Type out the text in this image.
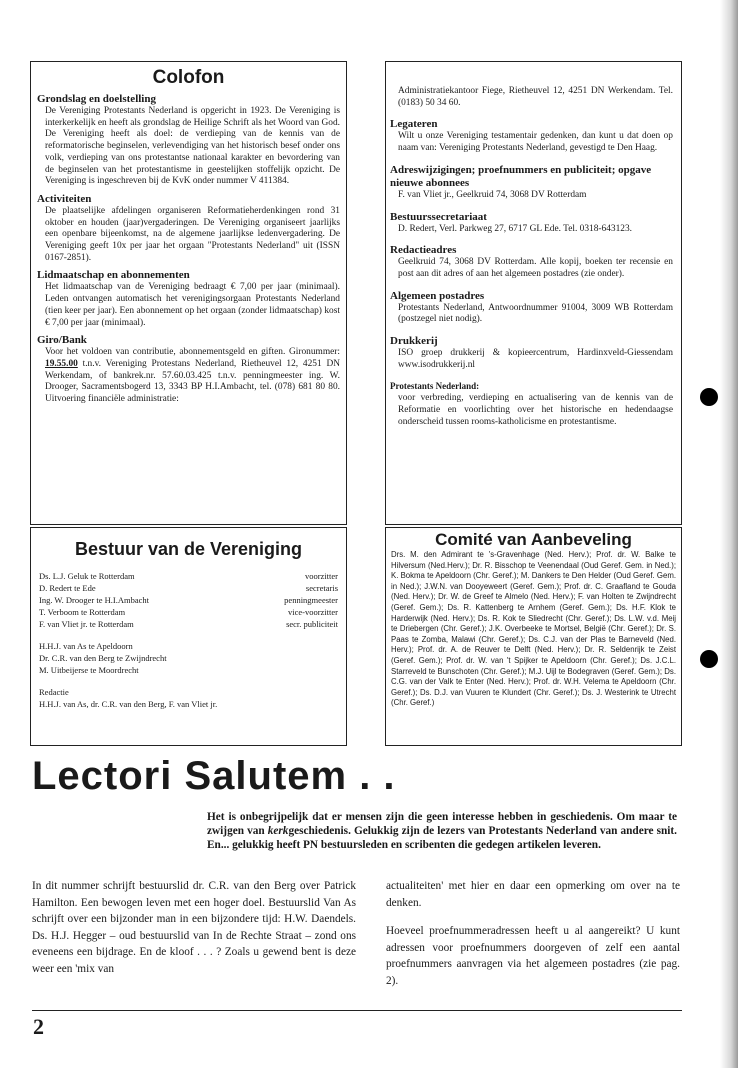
Colofon

Grondslag en doelstelling

De Vereniging Protestants Nederland is opgericht in 1923. De Vereniging is interkerkelijk en heeft als grondslag de Heilige Schrift als het Woord van God. De Vereniging heeft als doel: de verdieping van de kennis van de reformatorische beginselen, verlevendiging van het historisch besef onder ons volk, verdieping van ons protestantse nationaal karakter en bevordering van de beginselen van het protestantisme in geestelijken stoffelijk opzicht. De Vereniging is ingeschreven bij de KvK onder nummer V 411384.

Activiteiten

De plaatselijke afdelingen organiseren Reformatieherdenkingen rond 31 oktober en houden (jaar)vergaderingen. De Vereniging organiseert jaarlijks een openbare bijeenkomst, na de algemene jaarlijkse ledenvergadering. De Vereniging geeft 10x per jaar het orgaan "Protestants Nederland" uit (ISSN 0167-2851).

Lidmaatschap en abonnementen

Het lidmaatschap van de Vereniging bedraagt € 7,00 per jaar (minimaal). Leden ontvangen automatisch het verenigingsorgaan Protestants Nederland (tien keer per jaar). Een abonnement op het orgaan (zonder lidmaatschap) kost € 7,00 per jaar (minimaal).

Giro/Bank

Voor het voldoen van contributie, abonnementsgeld en giften. Gironummer: 19.55.00 t.n.v. Vereniging Protestans Nederland, Rietheuvel 12, 4251 DN Werkendam, of bankrek.nr. 57.60.03.425 t.n.v. penningmeester ing. W. Drooger, Sacramentsbogerd 13, 3343 BP H.I.Ambacht, tel. (078) 681 80 80. Uitvoering financiële administratie:

Administratiekantoor Fiege, Rietheuvel 12, 4251 DN Werkendam. Tel. (0183) 50 34 60.

Legateren

Wilt u onze Vereniging testamentair gedenken, dan kunt u dat doen op naam van: Vereniging Protestants Nederland, gevestigd te Den Haag.

Adreswijzigingen; proefnummers en publiciteit; opgave nieuwe abonnees

F. van Vliet jr., Geelkruid 74, 3068 DV Rotterdam

Bestuurssecretariaat

D. Redert, Verl. Parkweg 27, 6717 GL Ede. Tel. 0318-643123.

Redactieadres

Geelkruid 74, 3068 DV Rotterdam. Alle kopij, boeken ter recensie en post aan dit adres of aan het algemeen postadres (zie onder).

Algemeen postadres

Protestants Nederland, Antwoordnummer 91004, 3009 WB Rotterdam (postzegel niet nodig).

Drukkerij

ISO groep drukkerij & kopieercentrum, Hardinxveld-Giessendam www.isodrukkerij.nl

Protestants Nederland:

voor verbreding, verdieping en actualisering van de kennis van de Reformatie en voorlichting over het historische en hedendaagse onderscheid tussen rooms-katholicisme en protestantisme.

Bestuur van de Vereniging
Ds. L.J. Geluk te Rotterdam	voorzitter
D. Redert te Ede	secretaris
Ing. W. Drooger te H.I.Ambacht	penningmeester
T. Verboom te Rotterdam	vice-voorzitter
F. van Vliet jr. te Rotterdam	secr. publiciteit
H.H.J. van As te Apeldoorn
Dr. C.R. van den Berg te Zwijndrecht
M. Uitbeijerse te Moordrecht
Redactie
H.H.J. van As, dr. C.R. van den Berg, F. van Vliet jr.
Comité van Aanbeveling

Drs. M. den Admirant te 's-Gravenhage (Ned. Herv.); Prof. dr. W. Balke te Hilversum (Ned.Herv.); Dr. R. Bisschop te Veenendaal (Oud Geref. Gem. in Ned.); K. Bokma te Apeldoorn (Chr. Geref.); M. Dankers te Den Helder (Oud Geref. Gem. in Ned.); J.W.N. van Dooyeweert (Geref. Gem.); Prof. dr. C. Graafland te Gouda (Ned. Herv.); Dr. W. de Greef te Almelo (Ned. Herv.); F. van Holten te Zwijndrecht (Geref. Gem.); Ds. R. Kattenberg te Arnhem (Geref. Gem.); Ds. H.F. Klok te Harderwijk (Ned. Herv.); Ds. R. Kok te Sliedrecht (Chr. Geref.); Ds. L.W. v.d. Meij te Driebergen (Chr. Geref.); J.K. Overbeeke te Mortsel, België (Chr. Geref.); Dr. S. Paas te Zomba, Malawi (Chr. Geref.); Ds. C.J. van der Plas te Barneveld (Ned. Herv.); Prof. dr. A. de Reuver te Delft (Ned. Herv.); Dr. R. Seldenrijk te Zeist (Geref. Gem.); Prof. dr. W. van 't Spijker te Apeldoorn (Chr. Geref.); Ds. J.C.L. Starreveld te Bunschoten (Chr. Geref.); M.J. Uijl te Bodegraven (Geref. Gem.); Ds. C.G. van der Valk te Enter (Ned. Herv.); Prof. dr. W.H. Velema te Apeldoorn (Chr. Geref.); Ds. D.J. van Vuuren te Klundert (Chr. Geref.); Ds. J. Westerink te Utrecht (Chr. Geref.)

Lectori Salutem . .

Het is onbegrijpelijk dat er mensen zijn die geen interesse hebben in geschiedenis. Om maar te zwijgen van kerkgeschiedenis. Gelukkig zijn de lezers van Protestants Nederland van andere snit. En... gelukkig heeft PN bestuursleden en scribenten die gedegen artikelen leveren.

In dit nummer schrijft bestuurslid dr. C.R. van den Berg over Patrick Hamilton. Een bewogen leven met een hoger doel. Bestuurslid Van As schrijft over een bijzonder man in een bijzondere tijd: H.W. Daendels. Ds. H.J. Hegger – oud bestuurslid van In de Rechte Straat – zond ons eveneens een bijdrage. En de kloof . . . ? Zoals u gewend bent is deze weer een 'mix van

actualiteiten' met hier en daar een opmerking om over na te denken.

Hoeveel proefnummeradressen heeft u al aangereikt? U kunt adressen voor proefnummers doorgeven of zelf een aantal proefnummers aanvragen via het algemeen postadres (zie pag. 2).

2
